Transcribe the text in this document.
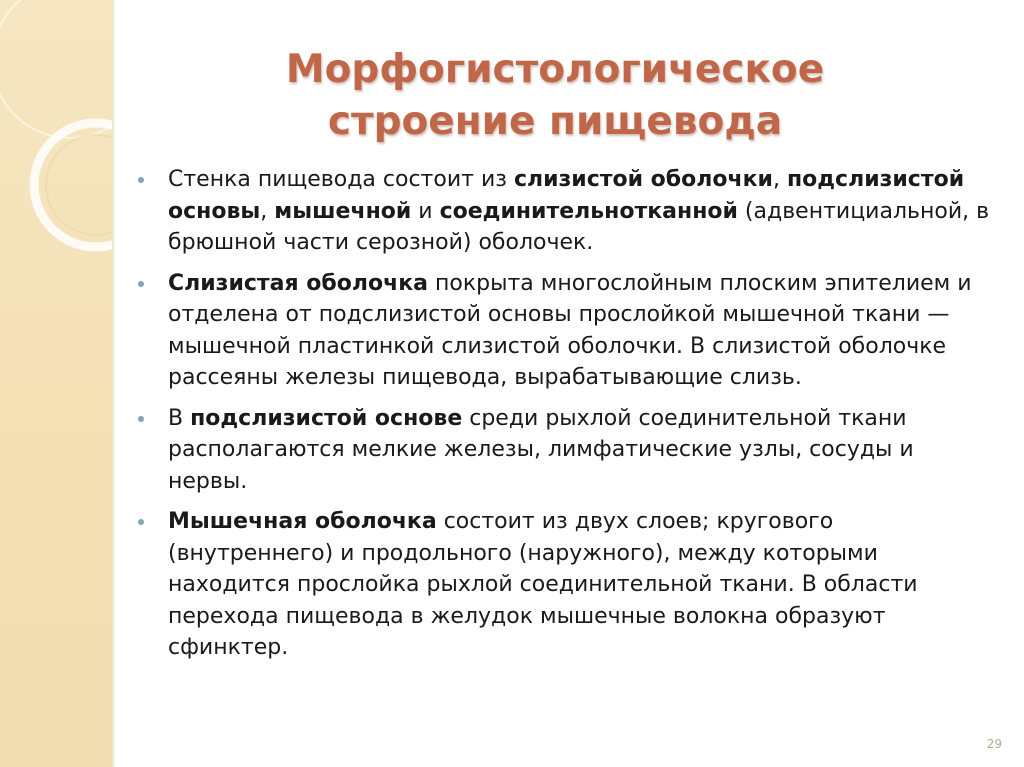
Морфогистологическое
строение пищевода
Стенка пищевода состоит из слизистой оболочки, подслизистой основы, мышечной и соединительнотканной (адвентициальной, в брюшной части серозной) оболочек.
Слизистая оболочка покрыта многослойным плоским эпителием и отделена от подслизистой основы прослойкой мышечной ткани — мышечной пластинкой слизистой оболочки. В слизистой оболочке рассеяны железы пищевода, вырабатывающие слизь.
В подслизистой основе среди рыхлой соединительной ткани располагаются мелкие железы, лимфатические узлы, сосуды и нервы.
Мышечная оболочка состоит из двух слоев; кругового (внутреннего) и продольного (наружного), между которыми находится прослойка рыхлой соединительной ткани. В области перехода пищевода в желудок мышечные волокна образуют сфинктер.
29
